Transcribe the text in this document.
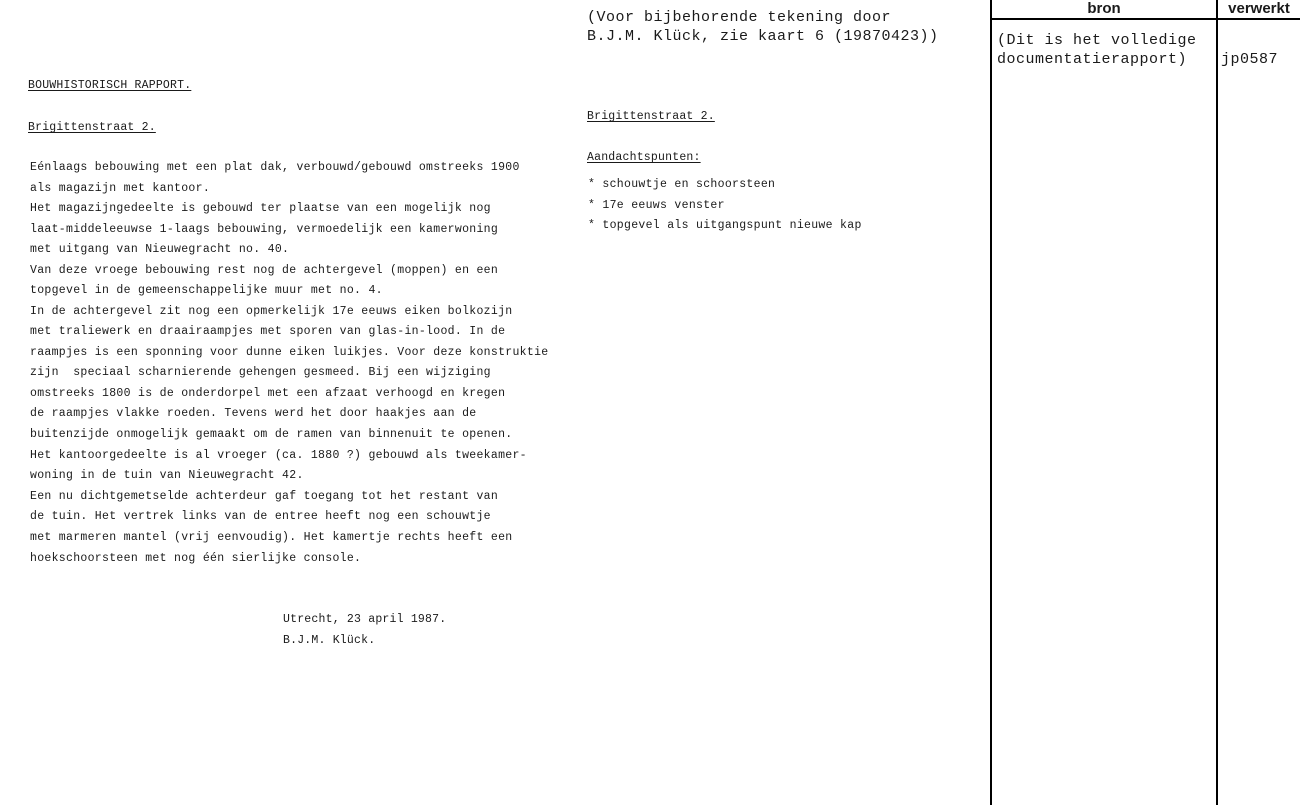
(Voor bijbehorende tekening door
B.J.M. Klück, zie kaart 6 (19870423))
BOUWHISTORISCH RAPPORT.
Brigittenstraat 2.
Eénlaags bebouwing met een plat dak, verbouwd/gebouwd omstreeks 1900
als magazijn met kantoor.
Het magazijngedeelte is gebouwd ter plaatse van een mogelijk nog
laat-middeleeuwse 1-laags bebouwing, vermoedelijk een kamerwoning
met uitgang van Nieuwegracht no. 40.
Van deze vroege bebouwing rest nog de achtergevel (moppen) en een
topgevel in de gemeenschappelijke muur met no. 4.
In de achtergevel zit nog een opmerkelijk 17e eeuws eiken bolkozijn
met traliewerk en draairaampjes met sporen van glas-in-lood. In de
raampjes is een sponning voor dunne eiken luikjes. Voor deze konstruktie
zijn  speciaal scharnierende gehengen gesmeed. Bij een wijziging
omstreeks 1800 is de onderdorpel met een afzaat verhoogd en kregen
de raampjes vlakke roeden. Tevens werd het door haakjes aan de
buitenzijde onmogelijk gemaakt om de ramen van binnenuit te openen.
Het kantoorgedeelte is al vroeger (ca. 1880 ?) gebouwd als tweekamer-
woning in de tuin van Nieuwegracht 42.
Een nu dichtgemetselde achterdeur gaf toegang tot het restant van
de tuin. Het vertrek links van de entree heeft nog een schouwtje
met marmeren mantel (vrij eenvoudig). Het kamertje rechts heeft een
hoekschoorsteen met nog één sierlijke console.
Utrecht, 23 april 1987.
B.J.M. Klück.
Brigittenstraat 2.
Aandachtspunten:
* schouwtje en schoorsteen
* 17e eeuws venster
* topgevel als uitgangspunt nieuwe kap
bron	verwerkt
(Dit is het volledige
documentatierapport)	jp0587
